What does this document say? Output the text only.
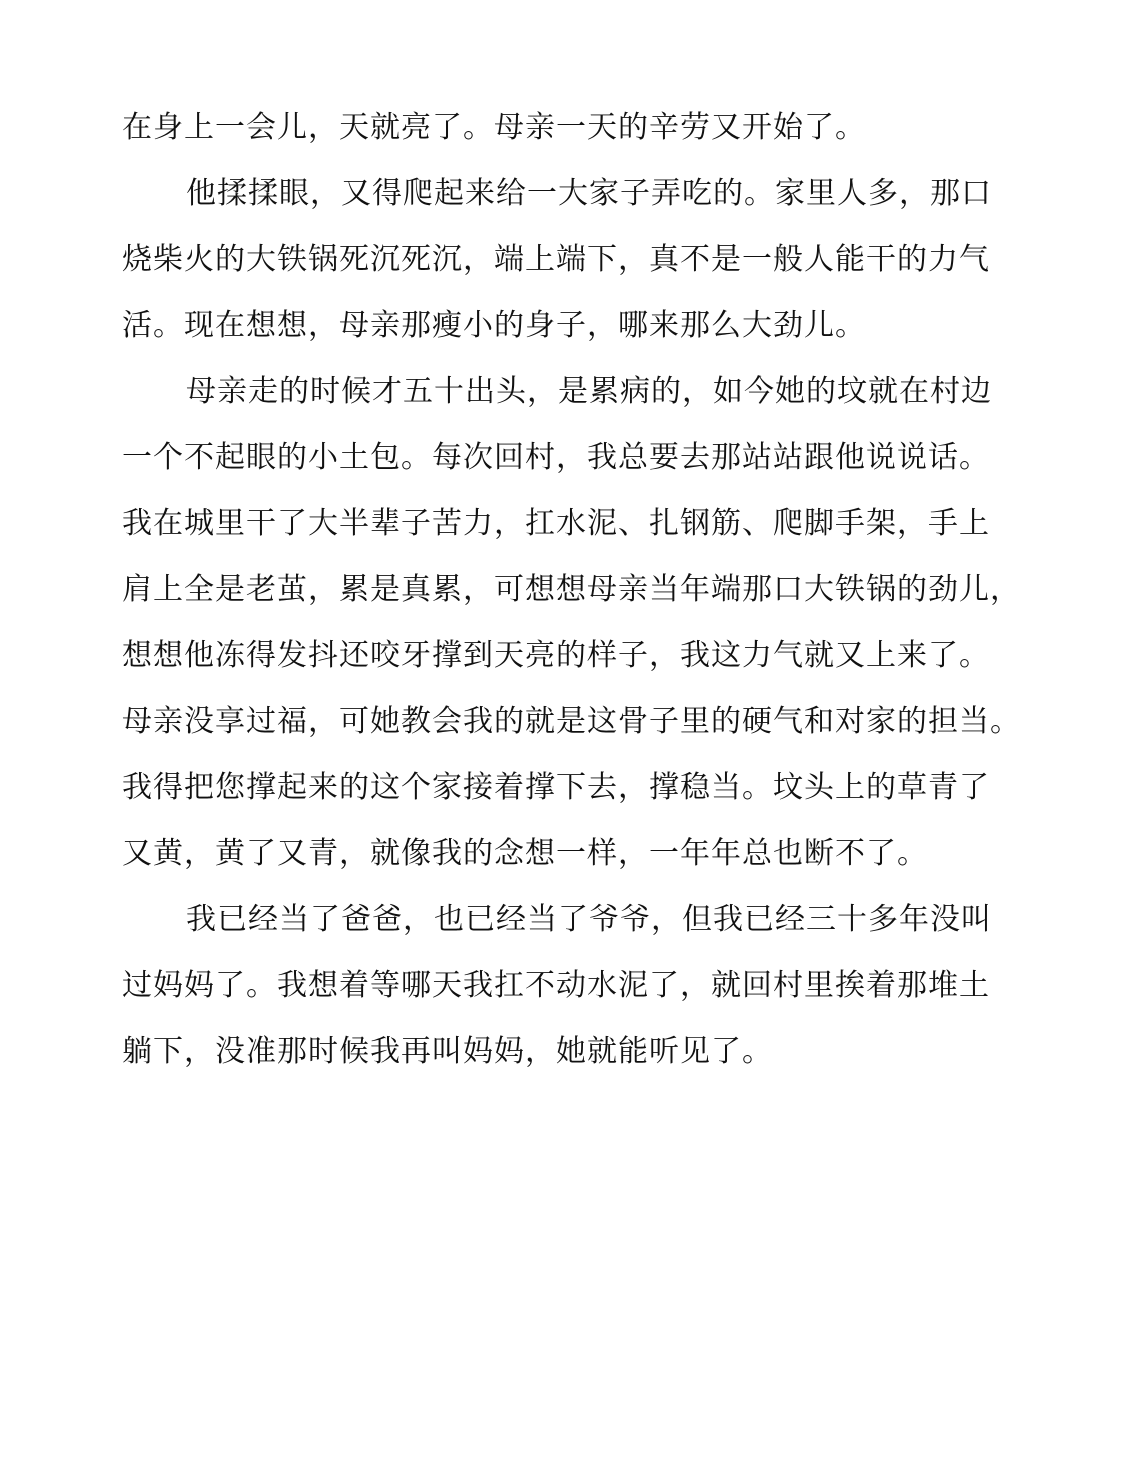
在身上一会儿，天就亮了。母亲一天的辛劳又开始了。
他揉揉眼，又得爬起来给一大家子弄吃的。家里人多，那口
烧柴火的大铁锅死沉死沉，端上端下，真不是一般人能干的力气
活。现在想想，母亲那瘦小的身子，哪来那么大劲儿。
母亲走的时候才五十出头，是累病的，如今她的坟就在村边
一个不起眼的小土包。每次回村，我总要去那站站跟他说说话。
我在城里干了大半辈子苦力，扛水泥、扎钢筋、爬脚手架，手上
肩上全是老茧，累是真累，可想想母亲当年端那口大铁锅的劲儿，
想想他冻得发抖还咬牙撑到天亮的样子，我这力气就又上来了。
母亲没享过福，可她教会我的就是这骨子里的硬气和对家的担当。
我得把您撑起来的这个家接着撑下去，撑稳当。坟头上的草青了
又黄，黄了又青，就像我的念想一样，一年年总也断不了。
我已经当了爸爸，也已经当了爷爷，但我已经三十多年没叫
过妈妈了。我想着等哪天我扛不动水泥了，就回村里挨着那堆土
躺下，没准那时候我再叫妈妈，她就能听见了。
